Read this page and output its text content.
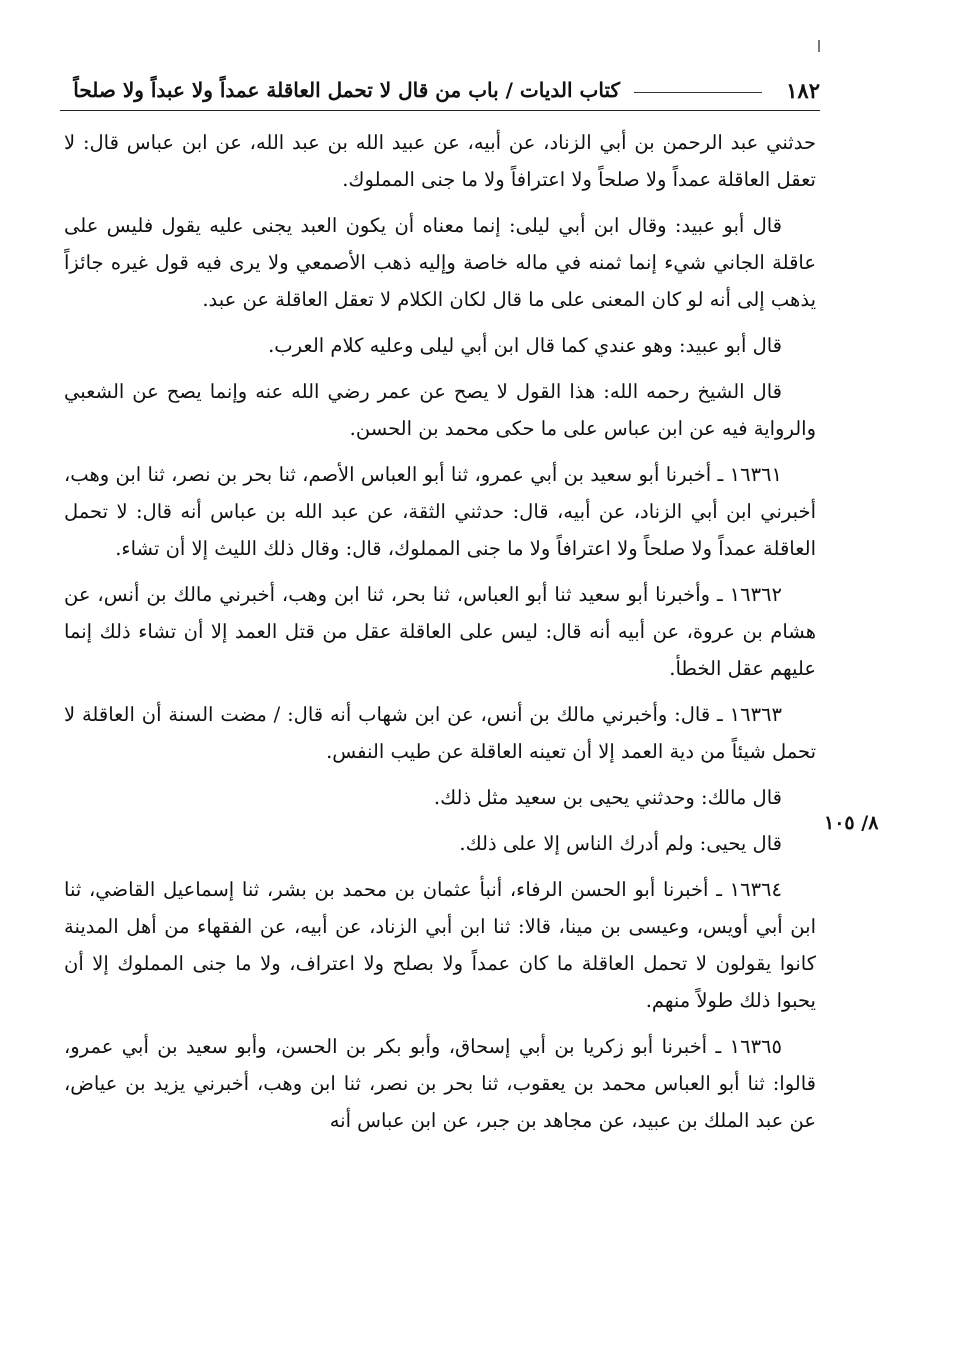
١٨٢
كتاب الديات / باب من قال لا تحمل العاقلة عمداً ولا عبداً ولا صلحاً
٨/ ١٠٥

حدثني عبد الرحمن بن أبي الزناد، عن أبيه، عن عبيد الله بن عبد الله، عن ابن عباس قال: لا تعقل العاقلة عمداً ولا صلحاً ولا اعترافاً ولا ما جنى المملوك.

قال أبو عبيد: وقال ابن أبي ليلى: إنما معناه أن يكون العبد يجنى عليه يقول فليس على عاقلة الجاني شيء إنما ثمنه في ماله خاصة وإليه ذهب الأصمعي ولا يرى فيه قول غيره جائزاً يذهب إلى أنه لو كان المعنى على ما قال لكان الكلام لا تعقل العاقلة عن عبد.

قال أبو عبيد: وهو عندي كما قال ابن أبي ليلى وعليه كلام العرب.

قال الشيخ رحمه الله: هذا القول لا يصح عن عمر رضي الله عنه وإنما يصح عن الشعبي والرواية فيه عن ابن عباس على ما حكى محمد بن الحسن.

١٦٣٦١ ـ أخبرنا أبو سعيد بن أبي عمرو، ثنا أبو العباس الأصم، ثنا بحر بن نصر، ثنا ابن وهب، أخبرني ابن أبي الزناد، عن أبيه، قال: حدثني الثقة، عن عبد الله بن عباس أنه قال: لا تحمل العاقلة عمداً ولا صلحاً ولا اعترافاً ولا ما جنى المملوك، قال: وقال ذلك الليث إلا أن تشاء.

١٦٣٦٢ ـ وأخبرنا أبو سعيد ثنا أبو العباس، ثنا بحر، ثنا ابن وهب، أخبرني مالك بن أنس، عن هشام بن عروة، عن أبيه أنه قال: ليس على العاقلة عقل من قتل العمد إلا أن تشاء ذلك إنما عليهم عقل الخطأ.

١٦٣٦٣ ـ قال: وأخبرني مالك بن أنس، عن ابن شهاب أنه قال: / مضت السنة أن العاقلة لا تحمل شيئاً من دية العمد إلا أن تعينه العاقلة عن طيب النفس.

قال مالك: وحدثني يحيى بن سعيد مثل ذلك.

قال يحيى: ولم أدرك الناس إلا على ذلك.

١٦٣٦٤ ـ أخبرنا أبو الحسن الرفاء، أنبأ عثمان بن محمد بن بشر، ثنا إسماعيل القاضي، ثنا ابن أبي أويس، وعيسى بن مينا، قالا: ثنا ابن أبي الزناد، عن أبيه، عن الفقهاء من أهل المدينة كانوا يقولون لا تحمل العاقلة ما كان عمداً ولا بصلح ولا اعتراف، ولا ما جنى المملوك إلا أن يحبوا ذلك طولاً منهم.

١٦٣٦٥ ـ أخبرنا أبو زكريا بن أبي إسحاق، وأبو بكر بن الحسن، وأبو سعيد بن أبي عمرو، قالوا: ثنا أبو العباس محمد بن يعقوب، ثنا بحر بن نصر، ثنا ابن وهب، أخبرني يزيد بن عياض، عن عبد الملك بن عبيد، عن مجاهد بن جبر، عن ابن عباس أنه
